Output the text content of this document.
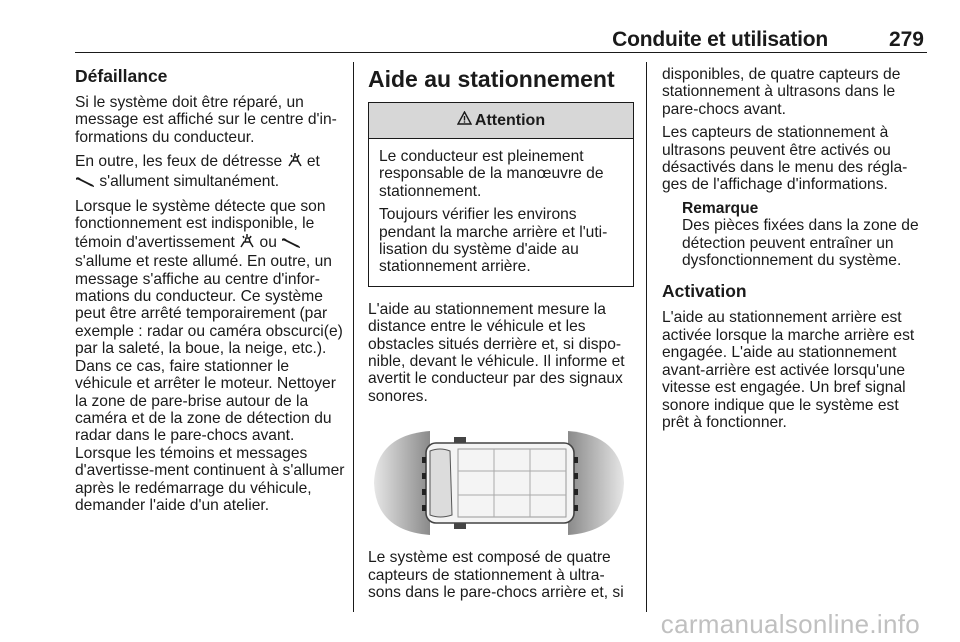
Conduite et utilisation	279
Défaillance

Si le système doit être réparé, un message est affiché sur le centre d'in-formations du conducteur.

En outre, les feux de détresse et
s'allument simultanément.

Lorsque le système détecte que son fonctionnement est indisponible, le témoin d'avertissement ou  s'allume et reste allumé. En outre, un message s'affiche au centre d'infor-mations du conducteur. Ce système peut être arrêté temporairement (par exemple : radar ou caméra obscurci(e) par la saleté, la boue, la neige, etc.). Dans ce cas, faire stationner le véhicule et arrêter le moteur. Nettoyer la zone de pare-brise autour de la caméra et de la zone de détection du radar dans le pare-chocs avant. Lorsque les témoins et messages d'avertisse-ment continuent à s'allumer après le redémarrage du véhicule, demander l'aide d'un atelier.

Aide au stationnement
Attention

Le conducteur est pleinement responsable de la manœuvre de stationnement.

Toujours vérifier les environs pendant la marche arrière et l'uti-lisation du système d'aide au stationnement arrière.

L'aide au stationnement mesure la distance entre le véhicule et les obstacles situés derrière et, si dispo-nible, devant le véhicule. Il informe et avertit le conducteur par des signaux sonores.

Le système est composé de quatre capteurs de stationnement à ultra-sons dans le pare-chocs arrière et, si

disponibles, de quatre capteurs de stationnement à ultrasons dans le pare-chocs avant.

Les capteurs de stationnement à ultrasons peuvent être activés ou désactivés dans le menu des régla-ges de l'affichage d'informations.

Remarque
Des pièces fixées dans la zone de détection peuvent entraîner un dysfonctionnement du système.
Activation

L'aide au stationnement arrière est activée lorsque la marche arrière est engagée. L'aide au stationnement avant-arrière est activée lorsqu'une vitesse est engagée. Un bref signal sonore indique que le système est prêt à fonctionner.

carmanualsonline.info
